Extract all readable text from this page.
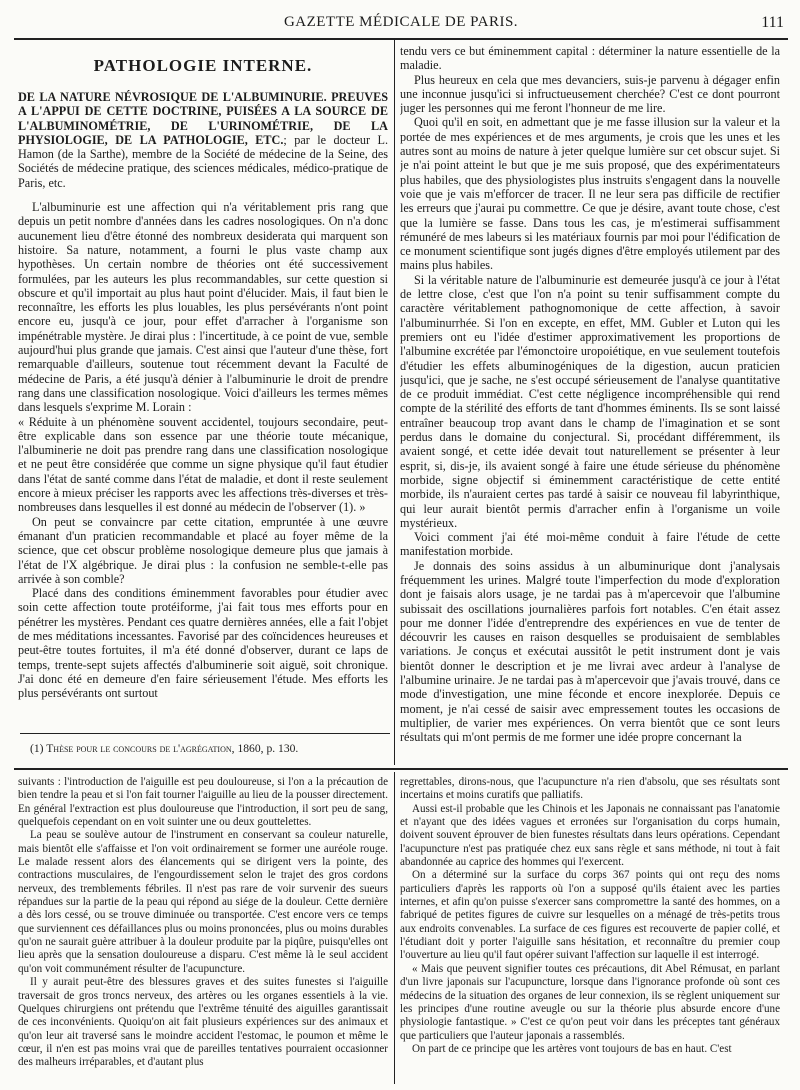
GAZETTE MÉDICALE DE PARIS.	111
PATHOLOGIE INTERNE.
DE LA NATURE NÉVROSIQUE DE L'ALBUMINURIE. PREUVES A L'APPUI DE CETTE DOCTRINE, PUISÉES A LA SOURCE DE L'ALBUMINOMÉTRIE, DE L'URINOMÉTRIE, DE LA PHYSIOLOGIE, DE LA PATHOLOGIE, ETC.; par le docteur L. Hamon (de la Sarthe), membre de la Société de médecine de la Seine, des Sociétés de médecine pratique, des sciences médicales, médico-pratique de Paris, etc.

L'albuminurie est une affection qui n'a véritablement pris rang que depuis un petit nombre d'années dans les cadres nosologiques. On n'a donc aucunement lieu d'être étonné des nombreux desiderata qui marquent son histoire. Sa nature, notamment, a fourni le plus vaste champ aux hypothèses. Un certain nombre de théories ont été successivement formulées, par les auteurs les plus recommandables, sur cette question si obscure et qu'il importait au plus haut point d'élucider. Mais, il faut bien le reconnaître, les efforts les plus louables, les plus persévérants n'ont point encore eu, jusqu'à ce jour, pour effet d'arracher à l'organisme son impénétrable mystère. Je dirai plus : l'incertitude, à ce point de vue, semble aujourd'hui plus grande que jamais. C'est ainsi que l'auteur d'une thèse, fort remarquable d'ailleurs, soutenue tout récemment devant la Faculté de médecine de Paris, a été jusqu'à dénier à l'albuminurie le droit de prendre rang dans une classification nosologique. Voici d'ailleurs les termes mêmes dans lesquels s'exprime M. Lorain :

« Réduite à un phénomène souvent accidentel, toujours secondaire, peut-être explicable dans son essence par une théorie toute mécanique, l'albuminerie ne doit pas prendre rang dans une classification nosologique et ne peut être considérée que comme un signe physique qu'il faut étudier dans l'état de santé comme dans l'état de maladie, et dont il reste seulement encore à mieux préciser les rapports avec les affections très-diverses et très-nombreuses dans lesquelles il est donné au médecin de l'observer (1). »

On peut se convaincre par cette citation, empruntée à une œuvre émanant d'un praticien recommandable et placé au foyer même de la science, que cet obscur problème nosologique demeure plus que jamais à l'état de l'X algébrique. Je dirai plus : la confusion ne semble-t-elle pas arrivée à son comble?

Placé dans des conditions éminemment favorables pour étudier avec soin cette affection toute protéiforme, j'ai fait tous mes efforts pour en pénétrer les mystères. Pendant ces quatre dernières années, elle a fait l'objet de mes méditations incessantes. Favorisé par des coïncidences heureuses et peut-être toutes fortuites, il m'a été donné d'observer, durant ce laps de temps, trente-sept sujets affectés d'albuminerie soit aiguë, soit chronique. J'ai donc été en demeure d'en faire sérieusement l'étude. Mes efforts les plus persévérants ont surtout

(1) Thèse pour le concours de l'agrégation, 1860, p. 130.

tendu vers ce but éminemment capital : déterminer la nature essentielle de la maladie.

Plus heureux en cela que mes devanciers, suis-je parvenu à dégager enfin une inconnue jusqu'ici si infructueusement cherchée? C'est ce dont pourront juger les personnes qui me feront l'honneur de me lire.

Quoi qu'il en soit, en admettant que je me fasse illusion sur la valeur et la portée de mes expériences et de mes arguments, je crois que les unes et les autres sont au moins de nature à jeter quelque lumière sur cet obscur sujet. Si je n'ai point atteint le but que je me suis proposé, que des expérimentateurs plus habiles, que des physiologistes plus instruits s'engagent dans la nouvelle voie que je vais m'efforcer de tracer. Il ne leur sera pas difficile de rectifier les erreurs que j'aurai pu commettre. Ce que je désire, avant toute chose, c'est que la lumière se fasse. Dans tous les cas, je m'estimerai suffisamment rémunéré de mes labeurs si les matériaux fournis par moi pour l'édification de ce monument scientifique sont jugés dignes d'être employés utilement par des mains plus habiles.

Si la véritable nature de l'albuminurie est demeurée jusqu'à ce jour à l'état de lettre close, c'est que l'on n'a point su tenir suffisamment compte du caractère véritablement pathognomonique de cette affection, à savoir l'albuminurrhée. Si l'on en excepte, en effet, MM. Gubler et Luton qui les premiers ont eu l'idée d'estimer approximativement les proportions de l'albumine excrétée par l'émonctoire uropoiétique, en vue seulement toutefois d'étudier les effets albuminogéniques de la digestion, aucun praticien jusqu'ici, que je sache, ne s'est occupé sérieusement de l'analyse quantitative de ce produit immédiat. C'est cette négligence incompréhensible qui rend compte de la stérilité des efforts de tant d'hommes éminents. Ils se sont laissé entraîner beaucoup trop avant dans le champ de l'imagination et se sont perdus dans le domaine du conjectural. Si, procédant différemment, ils avaient songé, et cette idée devait tout naturellement se présenter à leur esprit, si, dis-je, ils avaient songé à faire une étude sérieuse du phénomène morbide, signe objectif si éminemment caractéristique de cette entité morbide, ils n'auraient certes pas tardé à saisir ce nouveau fil labyrinthique, qui leur aurait bientôt permis d'arracher enfin à l'organisme un voile mystérieux.

Voici comment j'ai été moi-même conduit à faire l'étude de cette manifestation morbide.

Je donnais des soins assidus à un albuminurique dont j'analysais fréquemment les urines. Malgré toute l'imperfection du mode d'exploration dont je faisais alors usage, je ne tardai pas à m'apercevoir que l'albumine subissait des oscillations journalières parfois fort notables. C'en était assez pour me donner l'idée d'entreprendre des expériences en vue de tenter de découvrir les causes en raison desquelles se produisaient de semblables variations. Je conçus et exécutai aussitôt le petit instrument dont je vais bientôt donner le description et je me livrai avec ardeur à l'analyse de l'albumine urinaire. Je ne tardai pas à m'apercevoir que j'avais trouvé, dans ce mode d'investigation, une mine féconde et encore inexplorée. Depuis ce moment, je n'ai cessé de saisir avec empressement toutes les occasions de multiplier, de varier mes expériences. On verra bientôt que ce sont leurs résultats qui m'ont permis de me former une idée propre concernant la

suivants : l'introduction de l'aiguille est peu douloureuse, si l'on a la précaution de bien tendre la peau et si l'on fait tourner l'aiguille au lieu de la pousser directement. En général l'extraction est plus douloureuse que l'introduction, il sort peu de sang, quelquefois cependant on en voit suinter une ou deux gouttelettes.

La peau se soulève autour de l'instrument en conservant sa couleur naturelle, mais bientôt elle s'affaisse et l'on voit ordinairement se former une auréole rouge. Le malade ressent alors des élancements qui se dirigent vers la pointe, des contractions musculaires, de l'engourdissement selon le trajet des gros cordons nerveux, des tremblements fébriles. Il n'est pas rare de voir survenir des sueurs répandues sur la partie de la peau qui répond au siége de la douleur. Cette dernière a dès lors cessé, ou se trouve diminuée ou transportée. C'est encore vers ce temps que surviennent ces défaillances plus ou moins prononcées, plus ou moins durables qu'on ne saurait guère attribuer à la douleur produite par la piqûre, puisqu'elles ont lieu après que la sensation douloureuse a disparu. C'est même là le seul accident qu'on voit communément résulter de l'acupuncture.

Il y aurait peut-être des blessures graves et des suites funestes si l'aiguille traversait de gros troncs nerveux, des artères ou les organes essentiels à la vie. Quelques chirurgiens ont prétendu que l'extrême ténuité des aiguilles garantissait de ces inconvénients. Quoiqu'on ait fait plusieurs expériences sur des animaux et qu'on leur ait traversé sans le moindre accident l'estomac, le poumon et même le cœur, il n'en est pas moins vrai que de pareilles tentatives pourraient occasionner des malheurs irréparables, et d'autant plus

regrettables, dirons-nous, que l'acupuncture n'a rien d'absolu, que ses résultats sont incertains et moins curatifs que palliatifs.

Aussi est-il probable que les Chinois et les Japonais ne connaissant pas l'anatomie et n'ayant que des idées vagues et erronées sur l'organisation du corps humain, doivent souvent éprouver de bien funestes résultats dans leurs opérations. Cependant l'acupuncture n'est pas pratiquée chez eux sans règle et sans méthode, ni tout à fait abandonnée au caprice des hommes qui l'exercent.

On a déterminé sur la surface du corps 367 points qui ont reçu des noms particuliers d'après les rapports où l'on a supposé qu'ils étaient avec les parties internes, et afin qu'on puisse s'exercer sans compromettre la santé des hommes, on a fabriqué de petites figures de cuivre sur lesquelles on a ménagé de très-petits trous aux endroits convenables. La surface de ces figures est recouverte de papier collé, et l'étudiant doit y porter l'aiguille sans hésitation, et reconnaître du premier coup l'ouverture au lieu qu'il faut opérer suivant l'affection sur laquelle il est interrogé.

« Mais que peuvent signifier toutes ces précautions, dit Abel Rémusat, en parlant d'un livre japonais sur l'acupuncture, lorsque dans l'ignorance profonde où sont ces médecins de la situation des organes de leur connexion, ils se règlent uniquement sur les principes d'une routine aveugle ou sur la théorie plus absurde encore d'une physiologie fantastique. » C'est ce qu'on peut voir dans les préceptes tant généraux que particuliers que l'auteur japonais a rassemblés.

On part de ce principe que les artères vont toujours de bas en haut. C'est
